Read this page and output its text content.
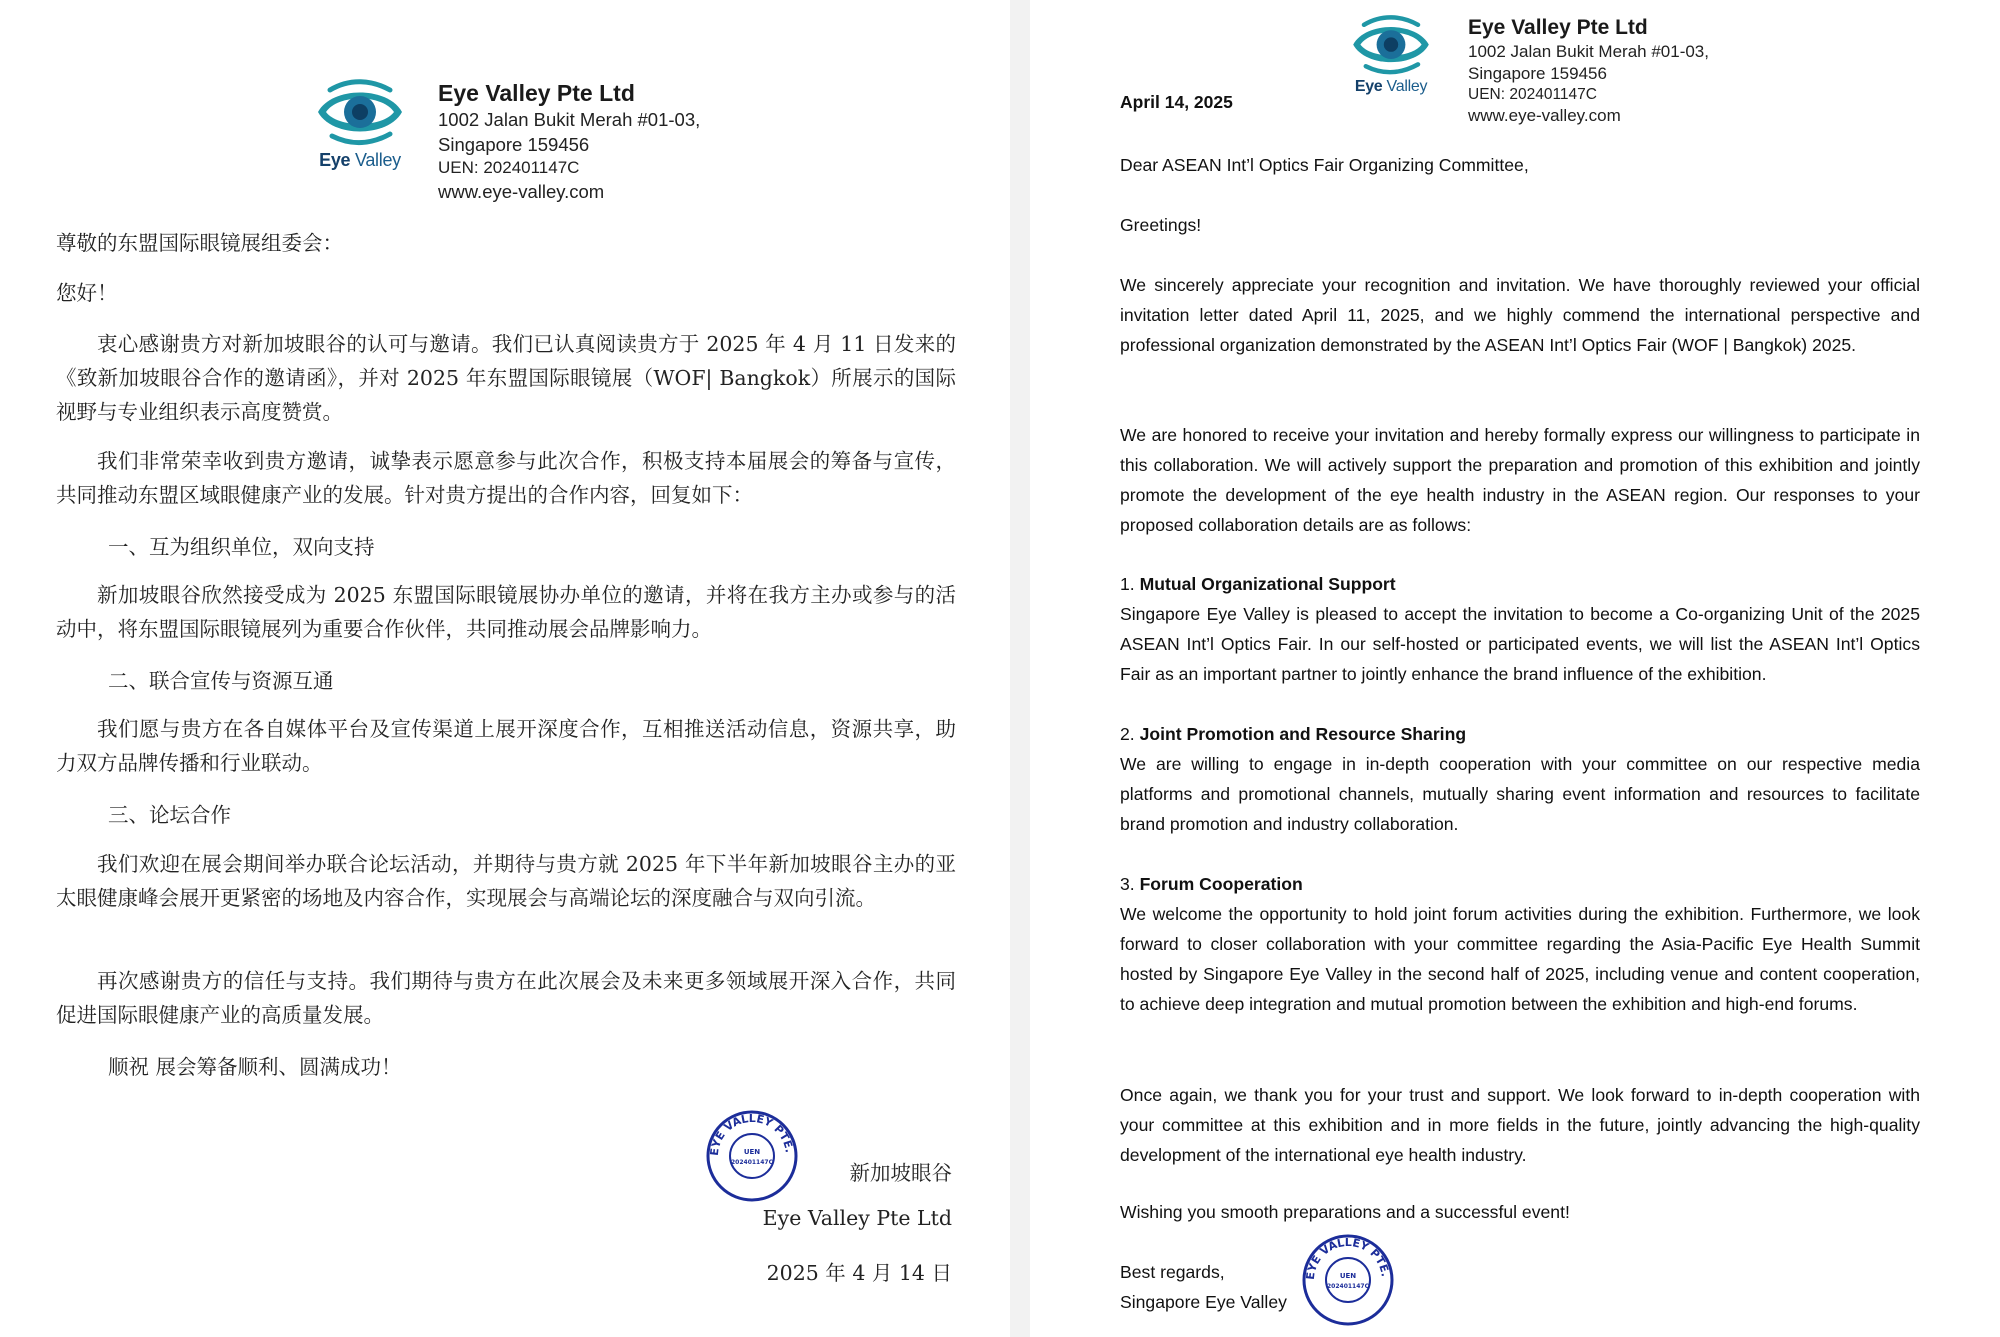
Eye Valley
Eye Valley Pte Ltd
1002 Jalan Bukit Merah #01-03,
Singapore 159456
UEN: 202401147C
www.eye-valley.com
尊敬的东盟国际眼镜展组委会：
您好！
衷心感谢贵方对新加坡眼谷的认可与邀请。我们已认真阅读贵方于 2025 年 4 月 11 日发来的《致新加坡眼谷合作的邀请函》，并对 2025 年东盟国际眼镜展（WOF| Bangkok）所展示的国际视野与专业组织表示高度赞赏。
我们非常荣幸收到贵方邀请，诚挚表示愿意参与此次合作，积极支持本届展会的筹备与宣传，共同推动东盟区域眼健康产业的发展。针对贵方提出的合作内容，回复如下：
一、互为组织单位，双向支持
新加坡眼谷欣然接受成为 2025 东盟国际眼镜展协办单位的邀请，并将在我方主办或参与的活动中，将东盟国际眼镜展列为重要合作伙伴，共同推动展会品牌影响力。
二、联合宣传与资源互通
我们愿与贵方在各自媒体平台及宣传渠道上展开深度合作，互相推送活动信息，资源共享，助力双方品牌传播和行业联动。
三、论坛合作
我们欢迎在展会期间举办联合论坛活动，并期待与贵方就 2025 年下半年新加坡眼谷主办的亚太眼健康峰会展开更紧密的场地及内容合作，实现展会与高端论坛的深度融合与双向引流。
再次感谢贵方的信任与支持。我们期待与贵方在此次展会及未来更多领域展开深入合作，共同促进国际眼健康产业的高质量发展。
顺祝 展会筹备顺利、圆满成功！
EYE VALLEY PTE.
UEN
202401147C	新加坡眼谷
Eye Valley Pte Ltd
2025 年 4 月 14 日
Eye Valley
Eye Valley Pte Ltd
1002 Jalan Bukit Merah #01-03,
Singapore 159456
UEN: 202401147C
www.eye-valley.com
April 14, 2025
Dear ASEAN Int’l Optics Fair Organizing Committee,
Greetings!
We sincerely appreciate your recognition and invitation. We have thoroughly reviewed your official invitation letter dated April 11, 2025, and we highly commend the international perspective and professional organization demonstrated by the ASEAN Int’l Optics Fair (WOF | Bangkok) 2025.
We are honored to receive your invitation and hereby formally express our willingness to participate in this collaboration. We will actively support the preparation and promotion of this exhibition and jointly promote the development of the eye health industry in the ASEAN region. Our responses to your proposed collaboration details are as follows:
1. Mutual Organizational Support
Singapore Eye Valley is pleased to accept the invitation to become a Co-organizing Unit of the 2025 ASEAN Int’l Optics Fair. In our self-hosted or participated events, we will list the ASEAN Int’l Optics Fair as an important partner to jointly enhance the brand influence of the exhibition.
2. Joint Promotion and Resource Sharing
We are willing to engage in in-depth cooperation with your committee on our respective media platforms and promotional channels, mutually sharing event information and resources to facilitate brand promotion and industry collaboration.
3. Forum Cooperation
We welcome the opportunity to hold joint forum activities during the exhibition. Furthermore, we look forward to closer collaboration with your committee regarding the Asia-Pacific Eye Health Summit hosted by Singapore Eye Valley in the second half of 2025, including venue and content cooperation, to achieve deep integration and mutual promotion between the exhibition and high-end forums.
Once again, we thank you for your trust and support. We look forward to in-depth cooperation with your committee at this exhibition and in more fields in the future, jointly advancing the high-quality development of the international eye health industry.
Wishing you smooth preparations and a successful event!
Best regards,
Singapore Eye Valley
EYE VALLEY PTE.
UEN
202401147C
